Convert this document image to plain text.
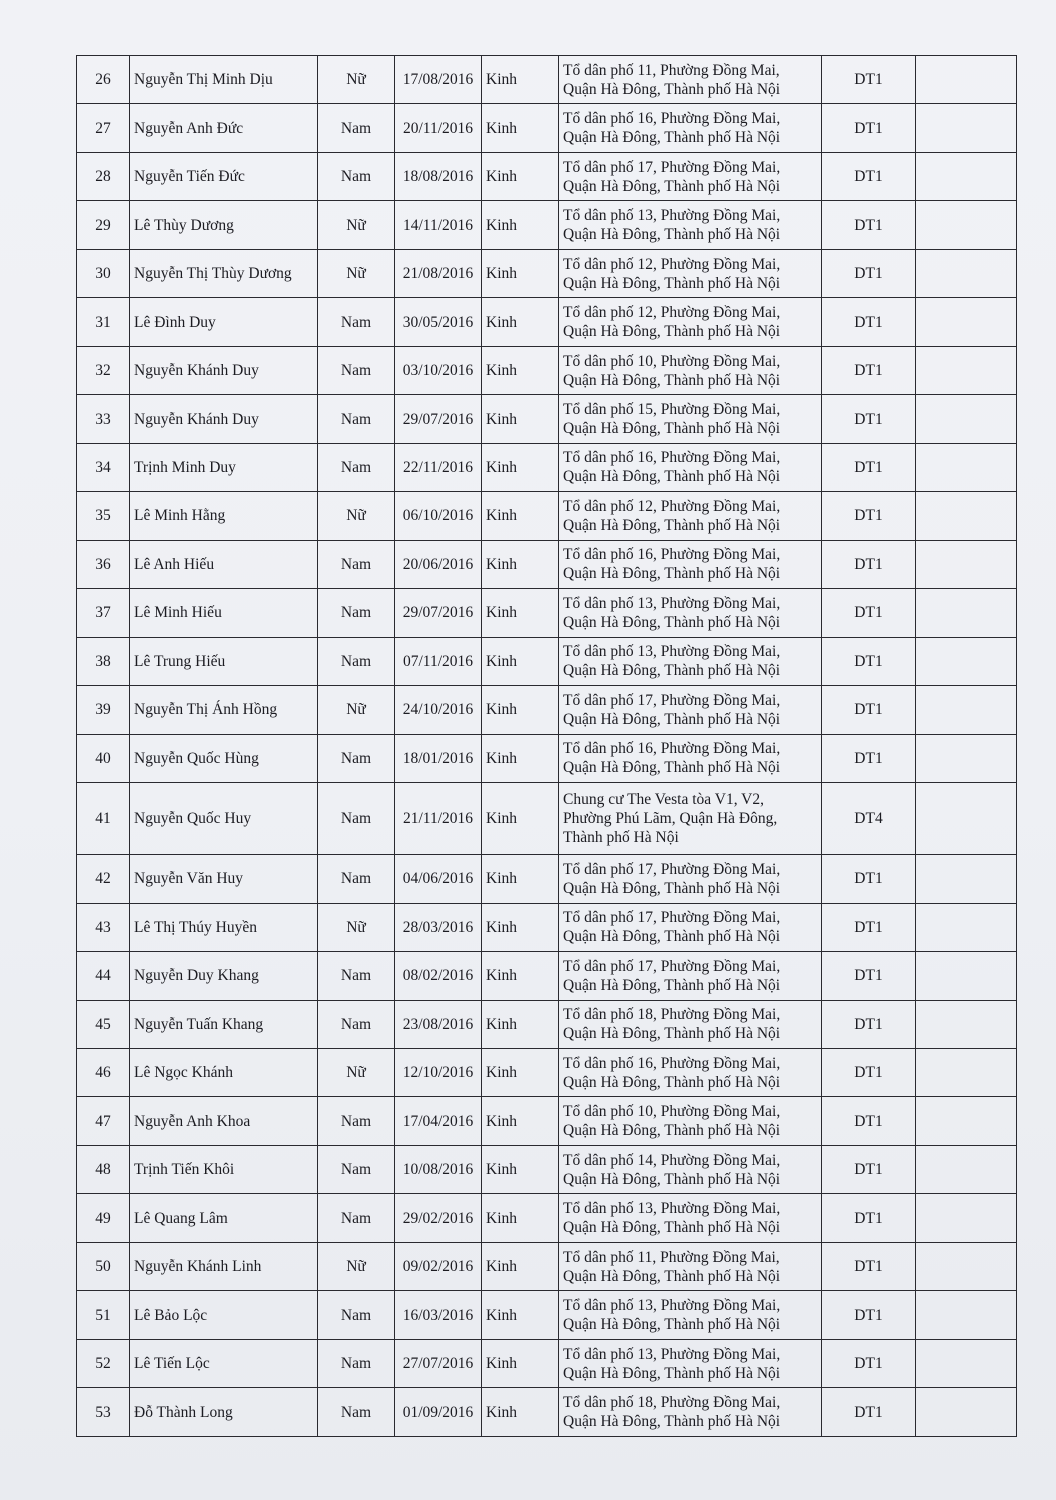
26	Nguyễn Thị Minh Dịu	Nữ	17/08/2016	Kinh	Tổ dân phố 11, Phường Đồng Mai,
Quận Hà Đông, Thành phố Hà Nội	DT1	
27	Nguyễn Anh Đức	Nam	20/11/2016	Kinh	Tổ dân phố 16, Phường Đồng Mai,
Quận Hà Đông, Thành phố Hà Nội	DT1	
28	Nguyễn Tiến Đức	Nam	18/08/2016	Kinh	Tổ dân phố 17, Phường Đồng Mai,
Quận Hà Đông, Thành phố Hà Nội	DT1	
29	Lê Thùy Dương	Nữ	14/11/2016	Kinh	Tổ dân phố 13, Phường Đồng Mai,
Quận Hà Đông, Thành phố Hà Nội	DT1	
30	Nguyễn Thị Thùy Dương	Nữ	21/08/2016	Kinh	Tổ dân phố 12, Phường Đồng Mai,
Quận Hà Đông, Thành phố Hà Nội	DT1	
31	Lê Đình Duy	Nam	30/05/2016	Kinh	Tổ dân phố 12, Phường Đồng Mai,
Quận Hà Đông, Thành phố Hà Nội	DT1	
32	Nguyễn Khánh Duy	Nam	03/10/2016	Kinh	Tổ dân phố 10, Phường Đồng Mai,
Quận Hà Đông, Thành phố Hà Nội	DT1	
33	Nguyễn Khánh Duy	Nam	29/07/2016	Kinh	Tổ dân phố 15, Phường Đồng Mai,
Quận Hà Đông, Thành phố Hà Nội	DT1	
34	Trịnh Minh Duy	Nam	22/11/2016	Kinh	Tổ dân phố 16, Phường Đồng Mai,
Quận Hà Đông, Thành phố Hà Nội	DT1	
35	Lê Minh Hằng	Nữ	06/10/2016	Kinh	Tổ dân phố 12, Phường Đồng Mai,
Quận Hà Đông, Thành phố Hà Nội	DT1	
36	Lê Anh Hiếu	Nam	20/06/2016	Kinh	Tổ dân phố 16, Phường Đồng Mai,
Quận Hà Đông, Thành phố Hà Nội	DT1	
37	Lê Minh Hiếu	Nam	29/07/2016	Kinh	Tổ dân phố 13, Phường Đồng Mai,
Quận Hà Đông, Thành phố Hà Nội	DT1	
38	Lê Trung Hiếu	Nam	07/11/2016	Kinh	Tổ dân phố 13, Phường Đồng Mai,
Quận Hà Đông, Thành phố Hà Nội	DT1	
39	Nguyễn Thị Ánh Hồng	Nữ	24/10/2016	Kinh	Tổ dân phố 17, Phường Đồng Mai,
Quận Hà Đông, Thành phố Hà Nội	DT1	
40	Nguyễn Quốc Hùng	Nam	18/01/2016	Kinh	Tổ dân phố 16, Phường Đồng Mai,
Quận Hà Đông, Thành phố Hà Nội	DT1	
41	Nguyễn Quốc Huy	Nam	21/11/2016	Kinh	Chung cư The Vesta tòa V1, V2,
Phường Phú Lãm, Quận Hà Đông,
Thành phố Hà Nội	DT4	
42	Nguyễn Văn Huy	Nam	04/06/2016	Kinh	Tổ dân phố 17, Phường Đồng Mai,
Quận Hà Đông, Thành phố Hà Nội	DT1	
43	Lê Thị Thúy Huyền	Nữ	28/03/2016	Kinh	Tổ dân phố 17, Phường Đồng Mai,
Quận Hà Đông, Thành phố Hà Nội	DT1	
44	Nguyễn Duy Khang	Nam	08/02/2016	Kinh	Tổ dân phố 17, Phường Đồng Mai,
Quận Hà Đông, Thành phố Hà Nội	DT1	
45	Nguyễn Tuấn Khang	Nam	23/08/2016	Kinh	Tổ dân phố 18, Phường Đồng Mai,
Quận Hà Đông, Thành phố Hà Nội	DT1	
46	Lê Ngọc Khánh	Nữ	12/10/2016	Kinh	Tổ dân phố 16, Phường Đồng Mai,
Quận Hà Đông, Thành phố Hà Nội	DT1	
47	Nguyễn Anh Khoa	Nam	17/04/2016	Kinh	Tổ dân phố 10, Phường Đồng Mai,
Quận Hà Đông, Thành phố Hà Nội	DT1	
48	Trịnh Tiến Khôi	Nam	10/08/2016	Kinh	Tổ dân phố 14, Phường Đồng Mai,
Quận Hà Đông, Thành phố Hà Nội	DT1	
49	Lê Quang Lâm	Nam	29/02/2016	Kinh	Tổ dân phố 13, Phường Đồng Mai,
Quận Hà Đông, Thành phố Hà Nội	DT1	
50	Nguyễn Khánh Linh	Nữ	09/02/2016	Kinh	Tổ dân phố 11, Phường Đồng Mai,
Quận Hà Đông, Thành phố Hà Nội	DT1	
51	Lê Bảo Lộc	Nam	16/03/2016	Kinh	Tổ dân phố 13, Phường Đồng Mai,
Quận Hà Đông, Thành phố Hà Nội	DT1	
52	Lê Tiến Lộc	Nam	27/07/2016	Kinh	Tổ dân phố 13, Phường Đồng Mai,
Quận Hà Đông, Thành phố Hà Nội	DT1	
53	Đỗ Thành Long	Nam	01/09/2016	Kinh	Tổ dân phố 18, Phường Đồng Mai,
Quận Hà Đông, Thành phố Hà Nội	DT1	
